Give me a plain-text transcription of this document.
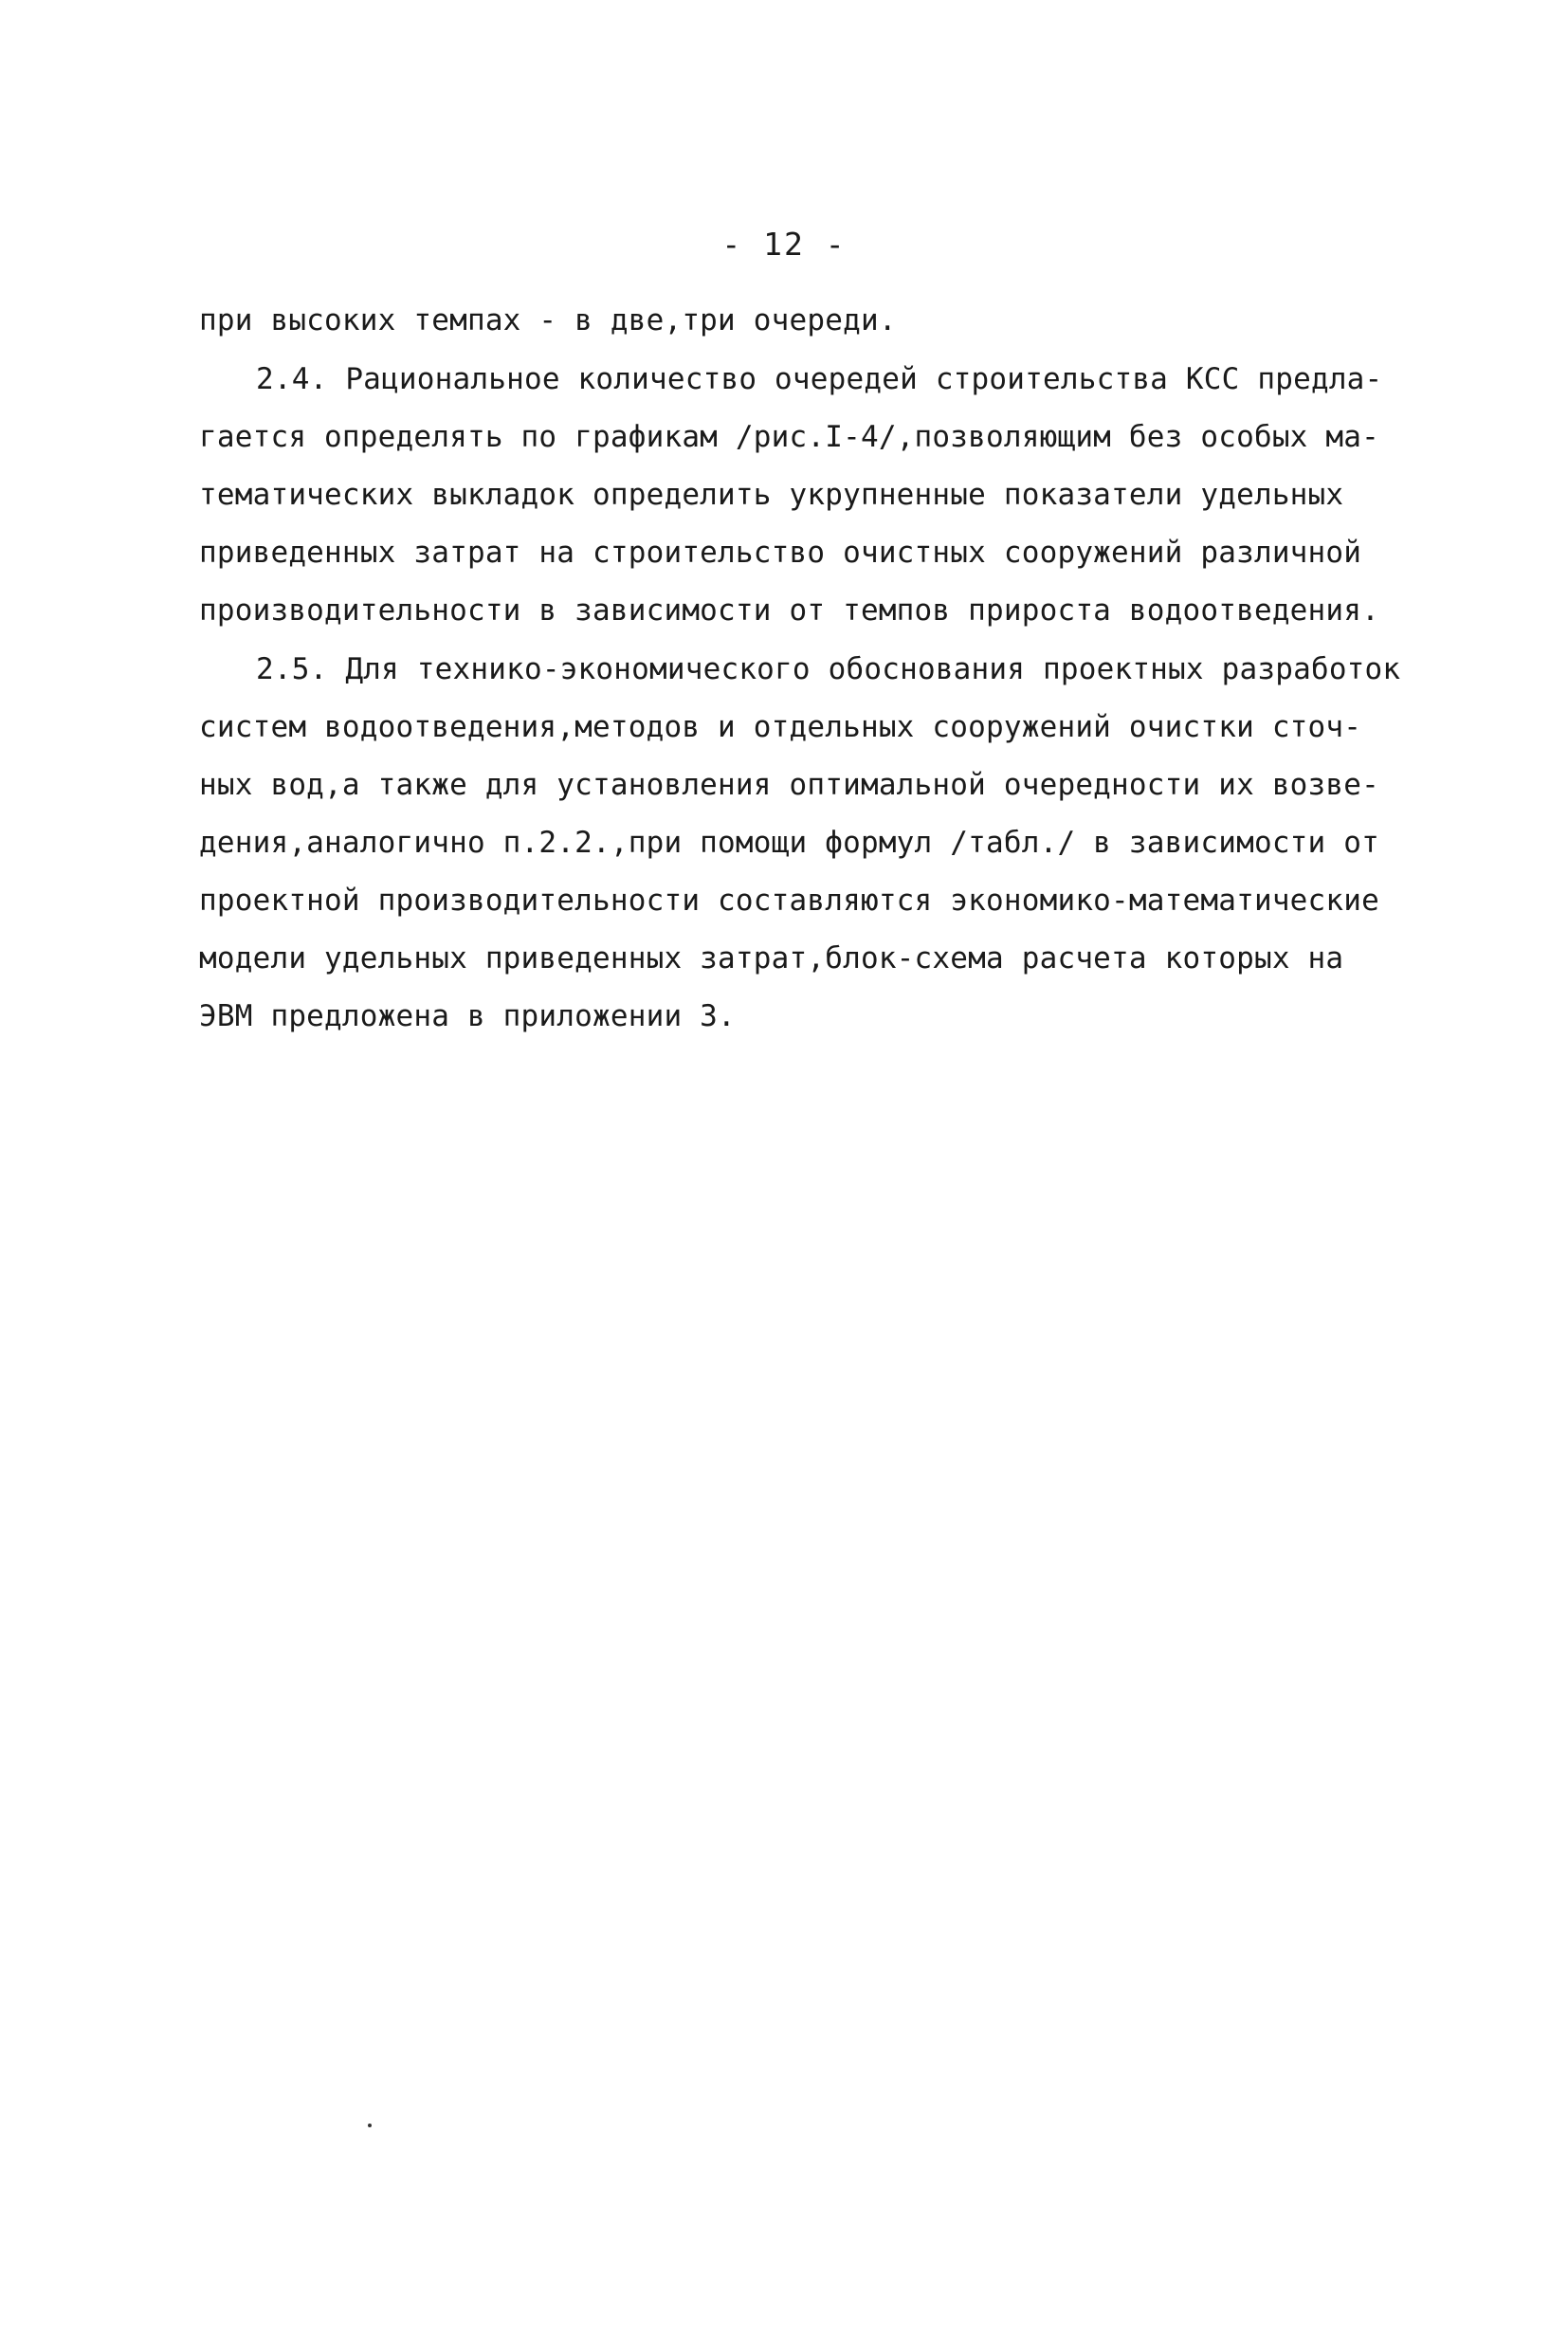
- 12 -
при высоких темпах - в две,три очереди.
2.4. Рациональное количество очередей строительства КСС предла-
гается определять по графикам /рис.I-4/,позволяющим без особых ма-
тематических выкладок определить укрупненные показатели удельных
приведенных затрат на строительство очистных сооружений различной
производительности в зависимости от темпов прироста водоотведения.
2.5. Для технико-экономического обоснования проектных разработок
систем водоотведения,методов и отдельных сооружений очистки сточ-
ных вод,а также для установления оптимальной очередности их возве-
дения,аналогично п.2.2.,при помощи формул /табл./ в зависимости от
проектной производительности составляются экономико-математические
модели удельных приведенных затрат,блок-схема расчета которых на
ЭВМ предложена в приложении 3.
